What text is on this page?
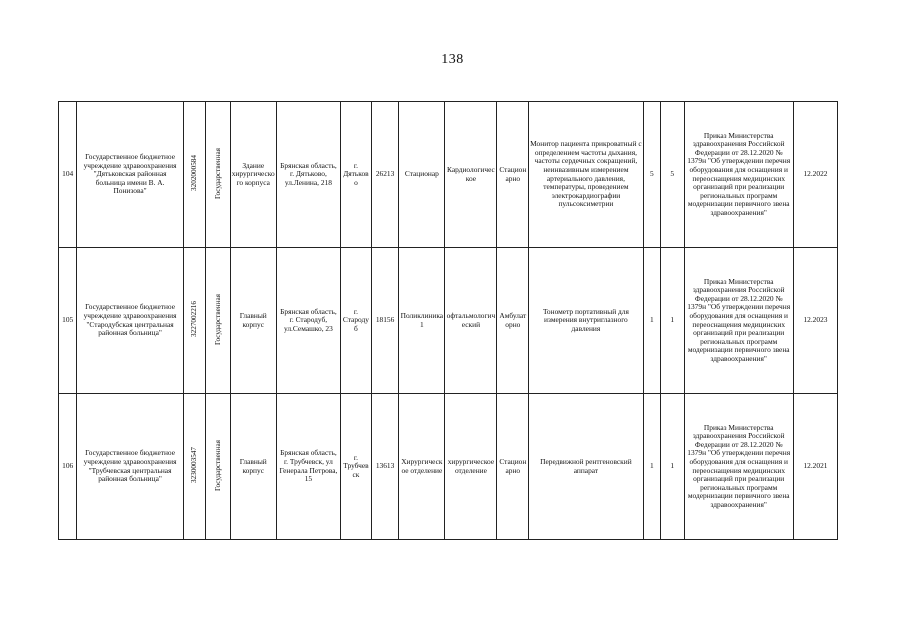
138
104	Государственное бюджетное учреждение здравоохранения "Дятьковская районная больница имени В. А. Понизова"	3202000584	Государственная	Здание хирургического корпуса	Брянская область, г. Дятьково, ул.Ленина, 218	г. Дятьково	26213	Стационар	Кардиологическое	Стационарно	Монитор пациента прикроватный с определением частоты дыхания, частоты сердечных сокращений, неинвазивным измерением артериального давления, температуры, проведением электрокардиографии пульсоксиметрии	5	5	Приказ Министерства здравоохранения Российской Федерации от 28.12.2020 № 1379н "Об утверждении перечня оборудования для оснащения и переоснащения медицинских организаций при реализации региональных программ модернизации первичного звена здравоохранения"	12.2022
105	Государственное бюджетное учреждение здравоохранения "Стародубская центральная районная больница"	3227002216	Государственная	Главный корпус	Брянская область, г. Стародуб, ул.Семашко, 23	г. Стародуб	18156	Поликлиника 1	офтальмологический	Амбулаторно	Тонометр портативный для измерения внутриглазного давления	1	1	Приказ Министерства здравоохранения Российской Федерации от 28.12.2020 № 1379н "Об утверждении перечня оборудования для оснащения и переоснащения медицинских организаций при реализации региональных программ модернизации первичного звена здравоохранения"	12.2023
106	Государственное бюджетное учреждение здравоохранения "Трубчевская центральная районная больница"	3230003547	Государственная	Главный корпус	Брянская область, г. Трубчевск, ул Генерала Петрова, 15	г. Трубчевск	13613	Хирургическое отделение	хирургическое отделение	Стационарно	Передвижной рентгеновский аппарат	1	1	Приказ Министерства здравоохранения Российской Федерации от 28.12.2020 № 1379н "Об утверждении перечня оборудования для оснащения и переоснащения медицинских организаций при реализации региональных программ модернизации первичного звена здравоохранения"	12.2021
